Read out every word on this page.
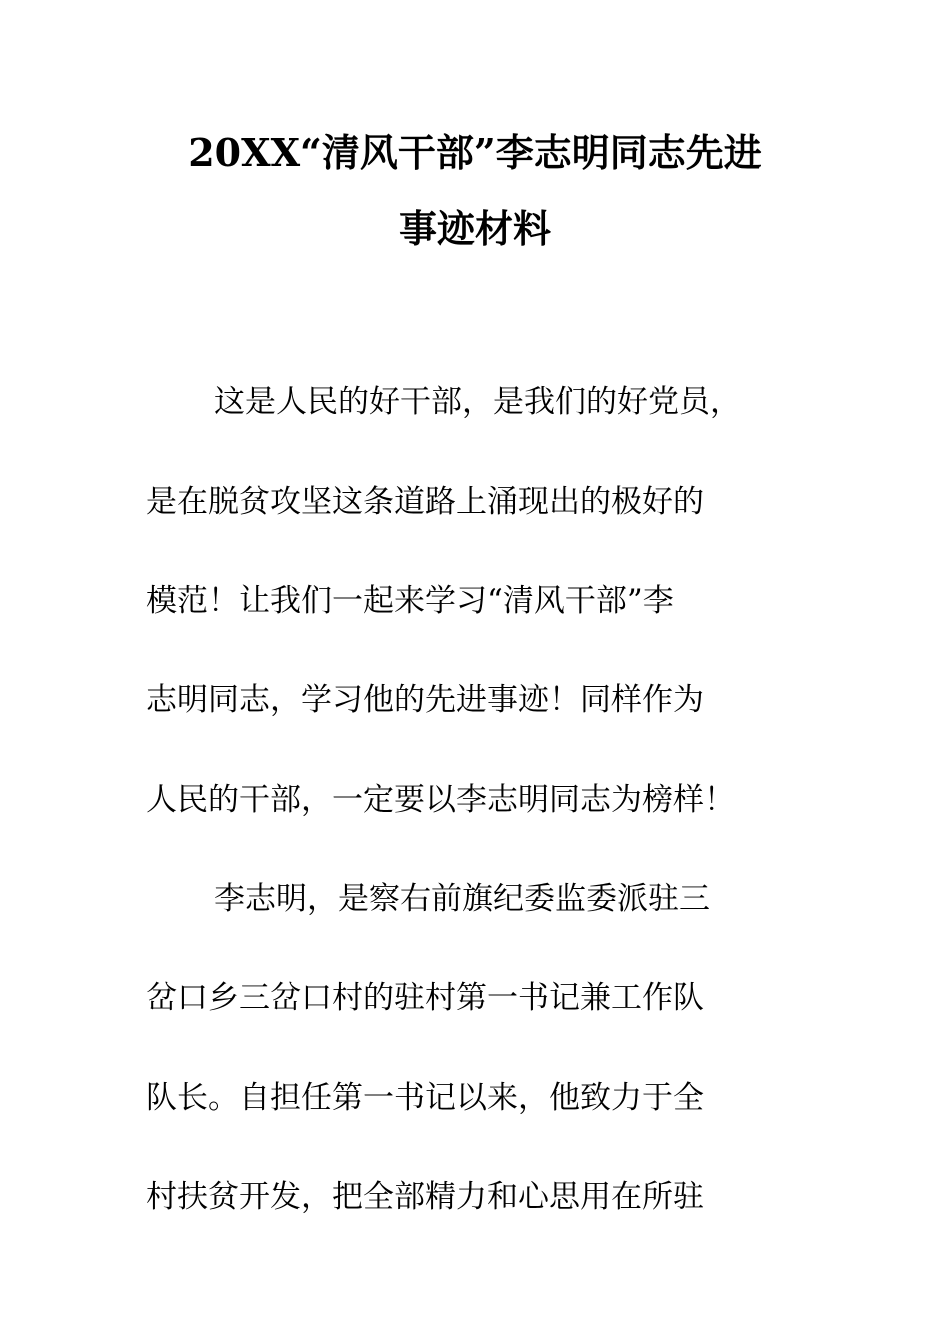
20XX“清风干部”李志明同志先进
事迹材料
这是人民的好干部，是我们的好党员，
是在脱贫攻坚这条道路上涌现出的极好的
模范！让我们一起来学习“清风干部”李
志明同志，学习他的先进事迹！同样作为
人民的干部，一定要以李志明同志为榜样！
李志明，是察右前旗纪委监委派驻三
岔口乡三岔口村的驻村第一书记兼工作队
队长。自担任第一书记以来，他致力于全
村扶贫开发，把全部精力和心思用在所驻
